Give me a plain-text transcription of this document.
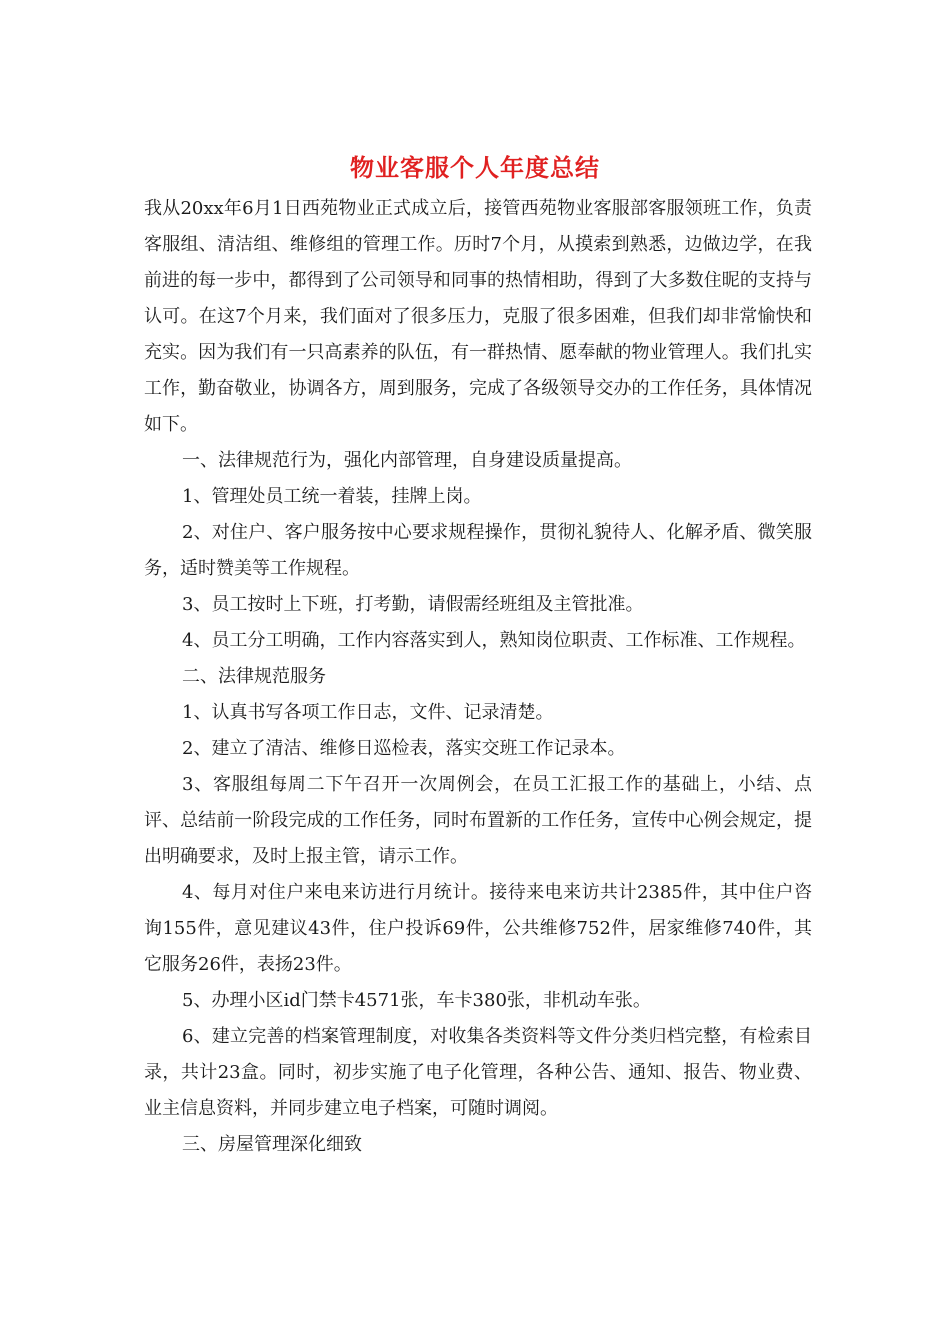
物业客服个人年度总结

我从20xx年6月1日西苑物业正式成立后，接管西苑物业客服部客服领班工作，负责客服组、清洁组、维修组的管理工作。历时7个月，从摸索到熟悉，边做边学，在我前进的每一步中，都得到了公司领导和同事的热情相助，得到了大多数住昵的支持与认可。在这7个月来，我们面对了很多压力，克服了很多困难，但我们却非常愉快和充实。因为我们有一只高素养的队伍，有一群热情、愿奉献的物业管理人。我们扎实工作，勤奋敬业，协调各方，周到服务，完成了各级领导交办的工作任务，具体情况如下。

一、法律规范行为，强化内部管理，自身建设质量提高。

1、管理处员工统一着装，挂牌上岗。

2、对住户、客户服务按中心要求规程操作，贯彻礼貌待人、化解矛盾、微笑服务，适时赞美等工作规程。

3、员工按时上下班，打考勤，请假需经班组及主管批准。

4、员工分工明确，工作内容落实到人，熟知岗位职责、工作标准、工作规程。

二、法律规范服务

1、认真书写各项工作日志，文件、记录清楚。

2、建立了清洁、维修日巡检表，落实交班工作记录本。

3、客服组每周二下午召开一次周例会，在员工汇报工作的基础上，小结、点评、总结前一阶段完成的工作任务，同时布置新的工作任务，宣传中心例会规定，提出明确要求，及时上报主管，请示工作。

4、每月对住户来电来访进行月统计。接待来电来访共计2385件，其中住户咨询155件，意见建议43件，住户投诉69件，公共维修752件，居家维修740件，其它服务26件，表扬23件。

5、办理小区id门禁卡4571张，车卡380张，非机动车张。

6、建立完善的档案管理制度，对收集各类资料等文件分类归档完整，有检索目录，共计23盒。同时，初步实施了电子化管理，各种公告、通知、报告、物业费、业主信息资料，并同步建立电子档案，可随时调阅。

三、房屋管理深化细致
